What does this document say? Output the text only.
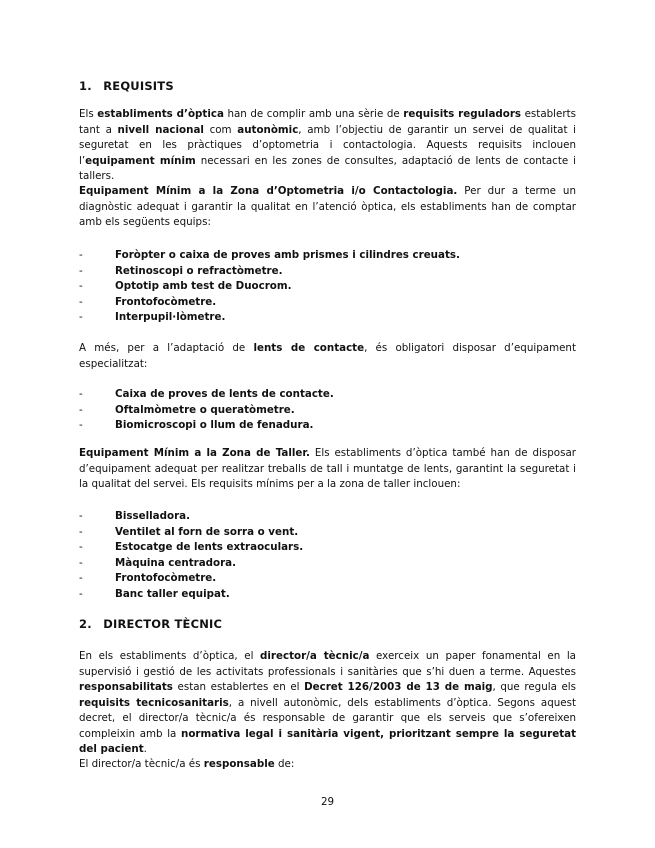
1. REQUISITS

Els establiments d’òptica han de complir amb una sèrie de requisits reguladors establerts tant a nivell nacional com autonòmic, amb l’objectiu de garantir un servei de qualitat i seguretat en les pràctiques d’optometria i contactologia. Aquests requisits inclouen l’equipament mínim necessari en les zones de consultes, adaptació de lents de contacte i tallers.

Equipament Mínim a la Zona d’Optometria i/o Contactologia. Per dur a terme un diagnòstic adequat i garantir la qualitat en l’atenció òptica, els establiments han de comptar amb els següents equips:

-	Foròpter o caixa de proves amb prismes i cilindres creuats.
-	Retinoscopi o refractòmetre.
-	Optotip amb test de Duocrom.
-	Frontofocòmetre.
-	Interpupil·lòmetre.

A més, per a l’adaptació de lents de contacte, és obligatori disposar d’equipament especialitzat:

-	Caixa de proves de lents de contacte.
-	Oftalmòmetre o queratòmetre.
-	Biomicroscopi o llum de fenadura.

Equipament Mínim a la Zona de Taller. Els establiments d’òptica també han de disposar d’equipament adequat per realitzar treballs de tall i muntatge de lents, garantint la seguretat i la qualitat del servei. Els requisits mínims per a la zona de taller inclouen:

-	Bisselladora.
-	Ventilet al forn de sorra o vent.
-	Estocatge de lents extraoculars.
-	Màquina centradora.
-	Frontofocòmetre.
-	Banc taller equipat.
2. DIRECTOR TÈCNIC

En els establiments d’òptica, el director/a tècnic/a exerceix un paper fonamental en la supervisió i gestió de les activitats professionals i sanitàries que s’hi duen a terme. Aquestes responsabilitats estan establertes en el Decret 126/2003 de 13 de maig, que regula els requisits tecnicosanitaris, a nivell autonòmic, dels establiments d’òptica. Segons aquest decret, el director/a tècnic/a és responsable de garantir que els serveis que s’ofereixen compleixin amb la normativa legal i sanitària vigent, prioritzant sempre la seguretat del pacient.

El director/a tècnic/a és responsable de:

29
